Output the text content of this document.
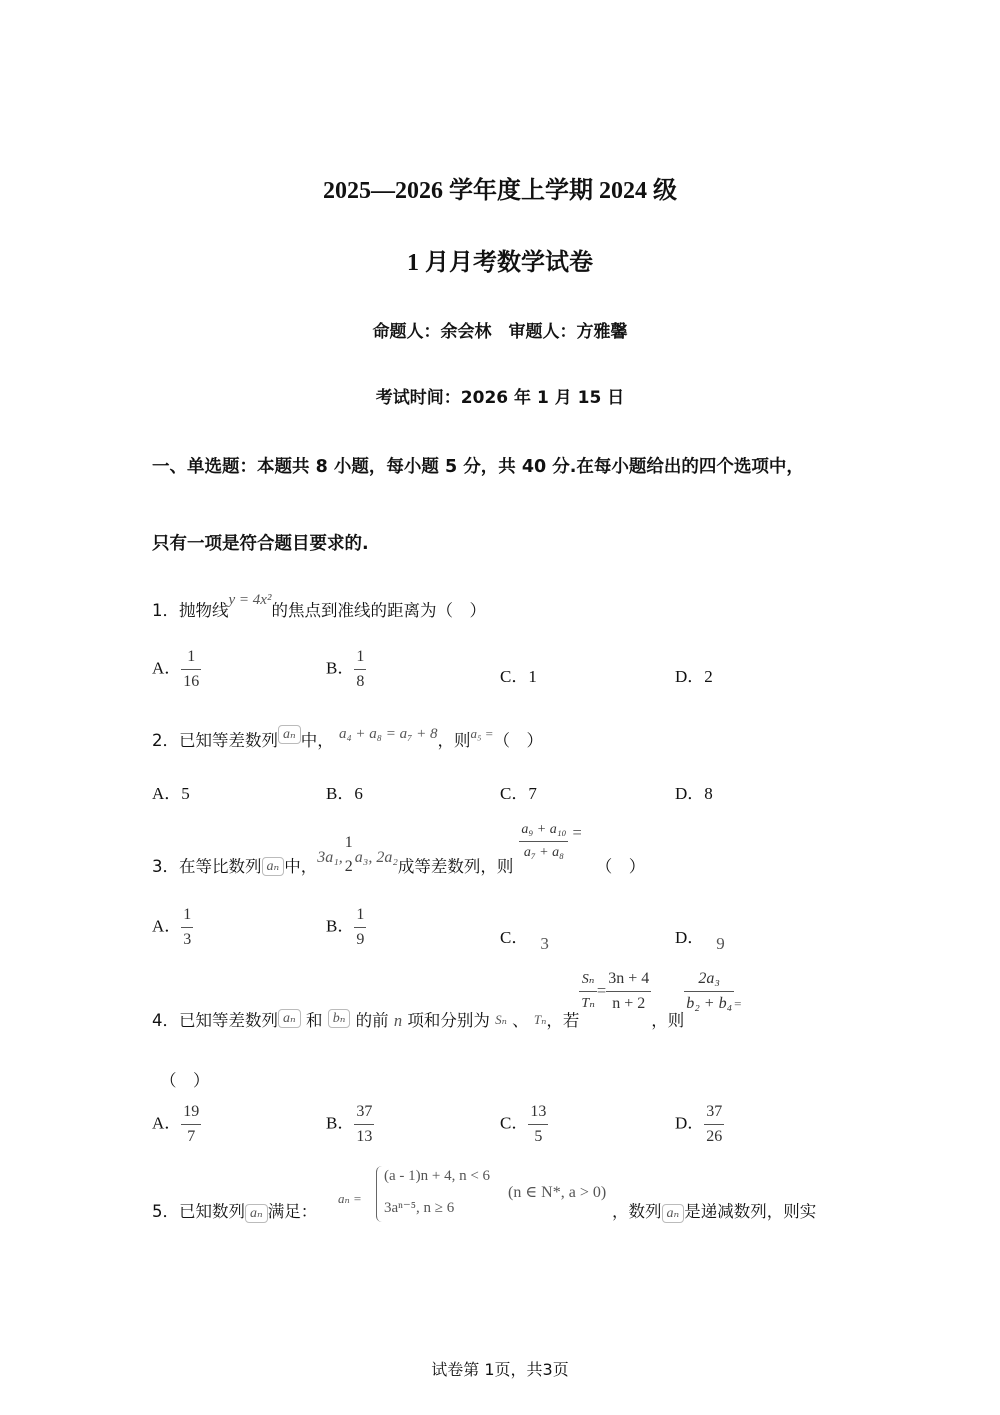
2025—2026 学年度上学期 2024 级
1 月月考数学试卷
命题人：余会林　审题人：方雅馨
考试时间：2026 年 1 月 15 日
一、单选题：本题共 8 小题，每小题 5 分，共 40 分.在每小题给出的四个选项中，
只有一项是符合题目要求的.
1．抛物线y = 4x²的焦点到准线的距离为（　）
A． $\frac{1}{16}$	B． $\frac{1}{8}$	C．1	D．2
2．已知等差数列 aₙ 中， a₄ + a₈ = a₇ + 8，则$^{a_5 =}$（　）
A．5	B．6	C．7	D．8
3．在等比数列 aₙ 中，3a₁,
1
2
a₃, 2a₂成等差数列，则
$\frac{\text{a₉ + a₁₀}}{\text{a₇ + a₈}}$ =（　）
A． $\frac{1}{3}$	B． $\frac{1}{9}$	C． 3	D． 9
4．已知等差数列 aₙ 和 bₙ 的前 n 项和分别为 $_{S_n}$ 、 $_{T_n}$，若
$\frac{\text{Sₙ}}{\text{Tₙ}} = \frac{3n + 4}{n + 2}$
，则
$\frac{\text{2a₃}}{\text{b₂ + b₄}} _=$
（　）
A． $\frac{19}{7}$	B． $\frac{37}{13}$	C． $\frac{13}{5}$	D． $\frac{37}{26}$
5．已知数列 aₙ 满足：
aₙ =
(a - 1)n + 4, n < 6
3aⁿ⁻⁵, n ≥ 6
(n ∈ N*, a > 0)
，数列 aₙ 是递减数列，则实
试卷第 1页，共3页
